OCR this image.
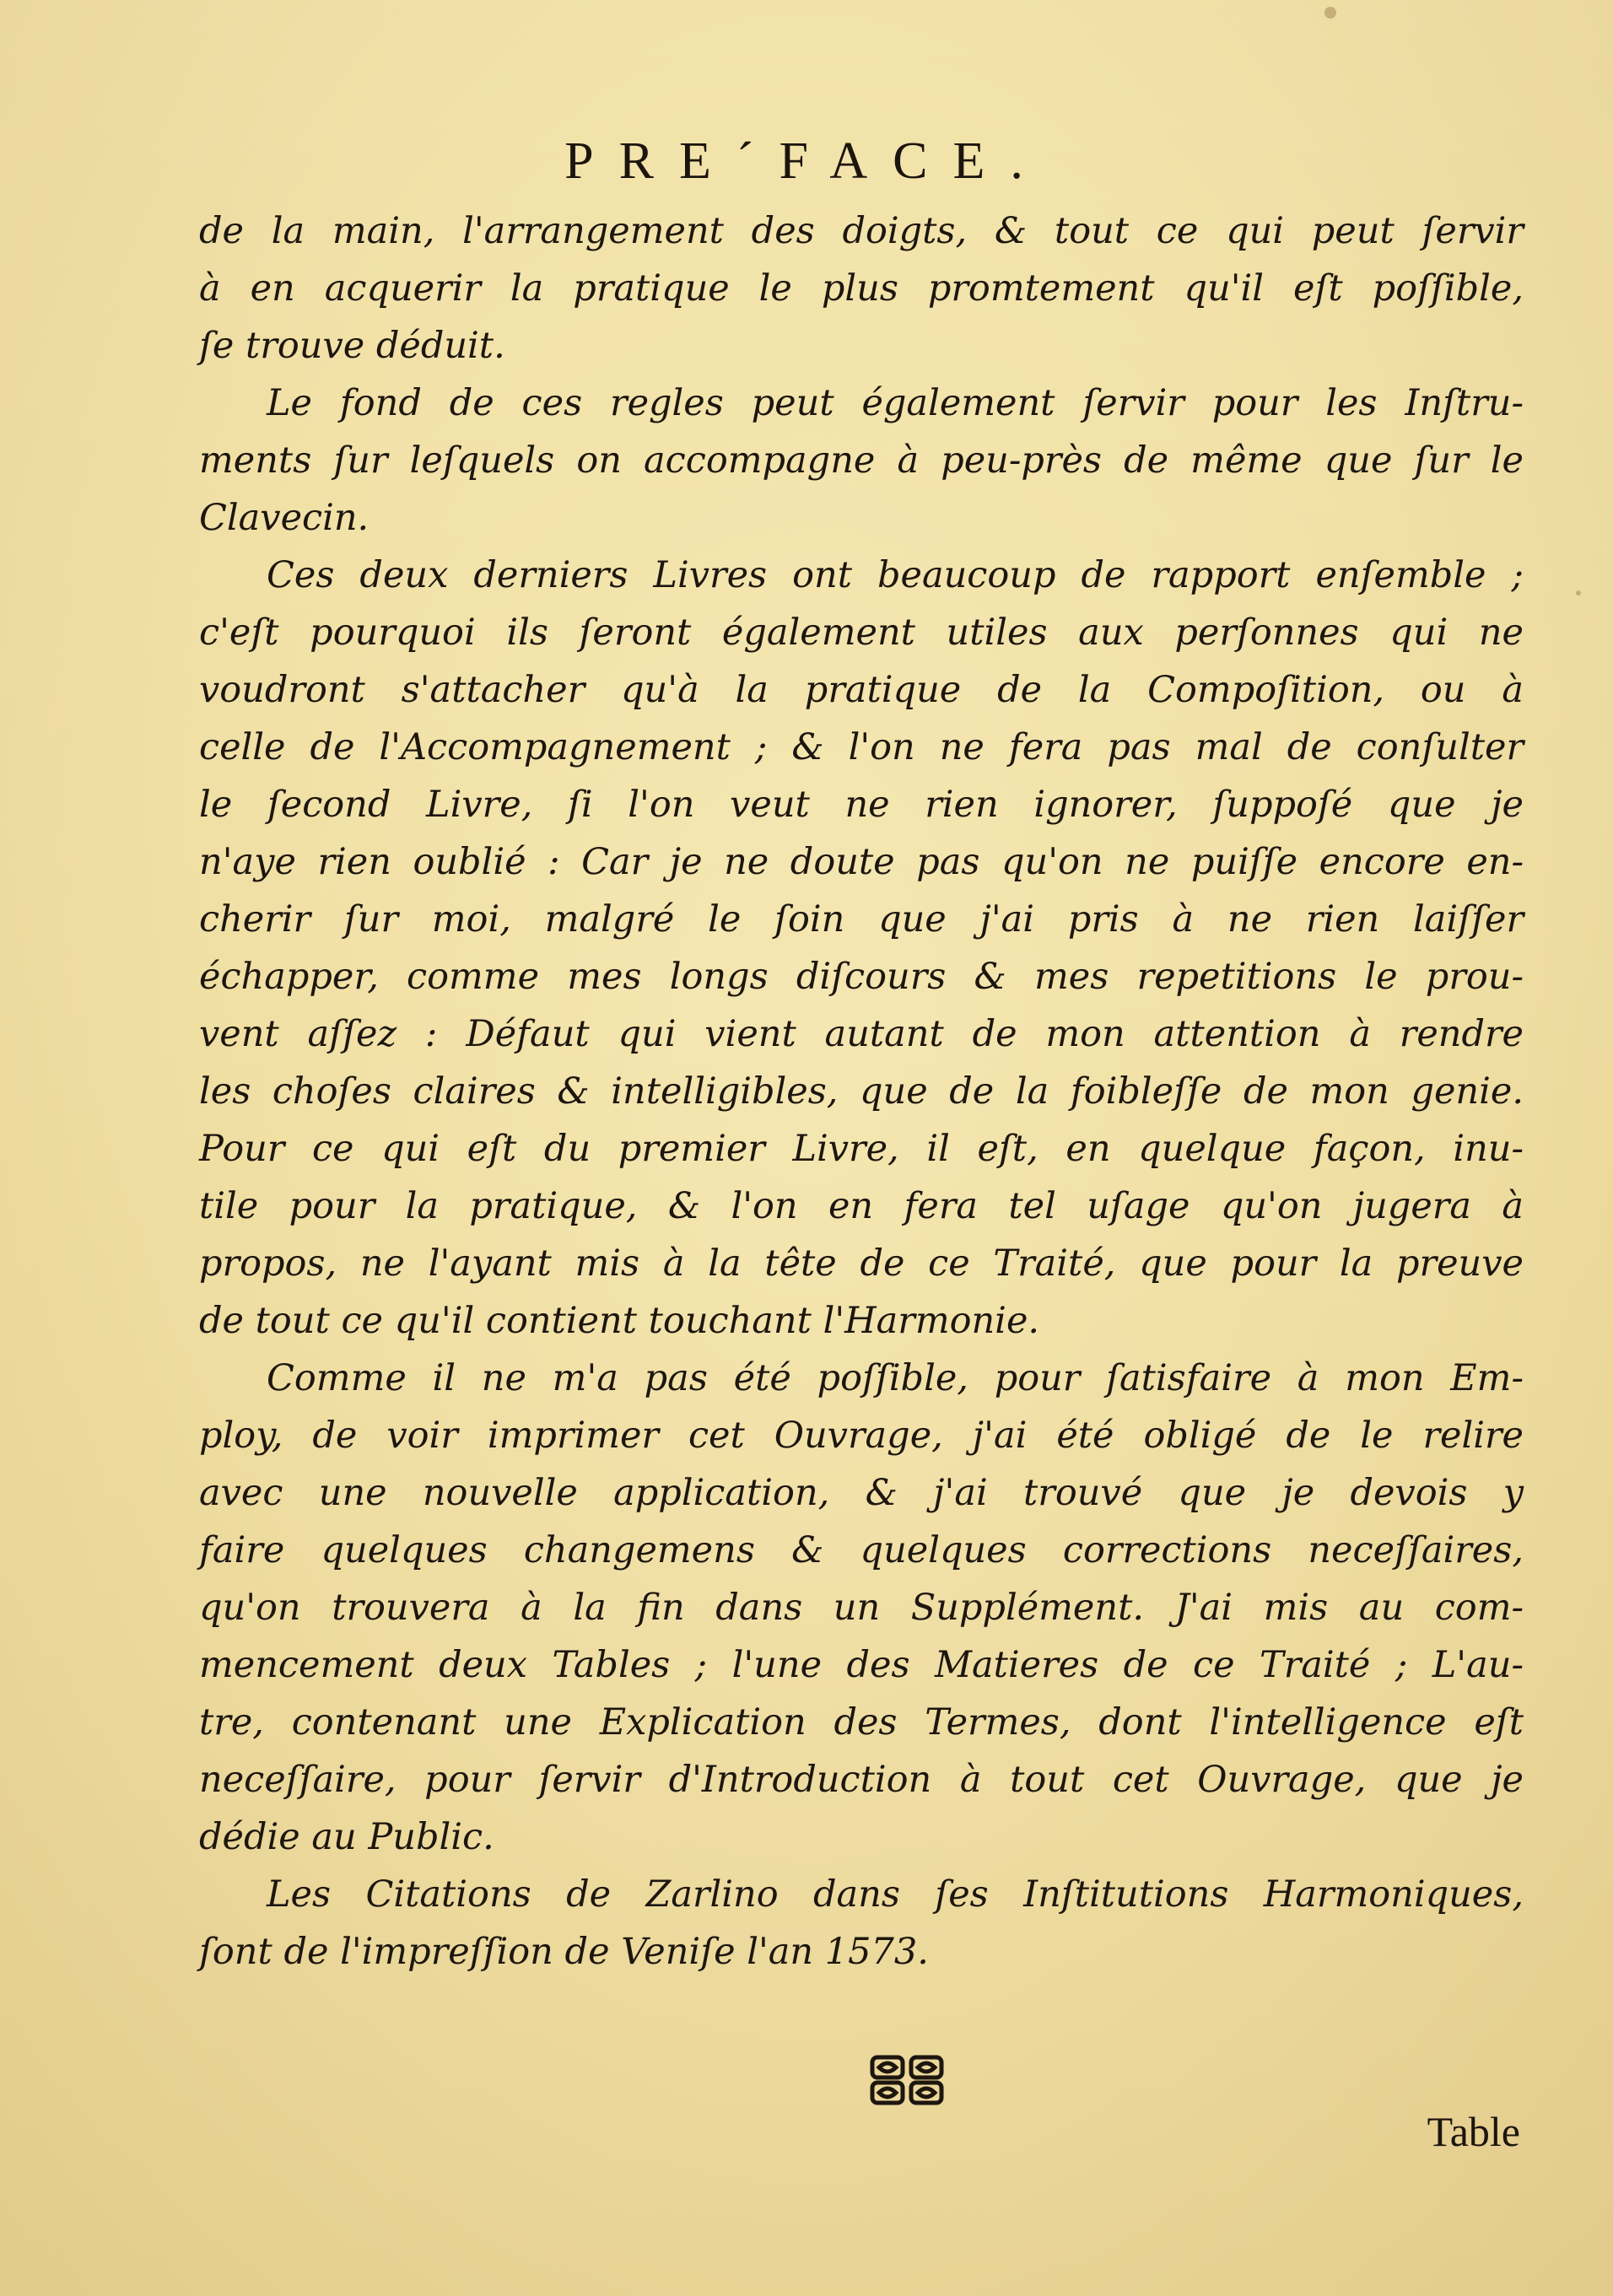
PRE´FACE.
de la main, l'arrangement des doigts, & tout ce qui peut ſervir
à en acquerir la pratique le plus promtement qu'il eſt poſſible,
ſe trouve déduit.
Le fond de ces regles peut également ſervir pour les Inſtru-
ments ſur leſquels on accompagne à peu-près de même que ſur le
Clavecin.
Ces deux derniers Livres ont beaucoup de rapport enſemble ;
c'eſt pourquoi ils ſeront également utiles aux perſonnes qui ne
voudront s'attacher qu'à la pratique de la Compoſition, ou à
celle de l'Accompagnement ; & l'on ne fera pas mal de conſulter
le ſecond Livre, ſi l'on veut ne rien ignorer, ſuppoſé que je
n'aye rien oublié : Car je ne doute pas qu'on ne puiſſe encore en-
cherir ſur moi, malgré le ſoin que j'ai pris à ne rien laiſſer
échapper, comme mes longs diſcours & mes repetitions le prou-
vent aſſez : Défaut qui vient autant de mon attention à rendre
les choſes claires & intelligibles, que de la foibleſſe de mon genie.
Pour ce qui eſt du premier Livre, il eſt, en quelque façon, inu-
tile pour la pratique, & l'on en fera tel uſage qu'on jugera à
propos, ne l'ayant mis à la tête de ce Traité, que pour la preuve
de tout ce qu'il contient touchant l'Harmonie.
Comme il ne m'a pas été poſſible, pour ſatisfaire à mon Em-
ploy, de voir imprimer cet Ouvrage, j'ai été obligé de le relire
avec une nouvelle application, & j'ai trouvé que je devois y
faire quelques changemens & quelques corrections neceſſaires,
qu'on trouvera à la fin dans un Supplément. J'ai mis au com-
mencement deux Tables ; l'une des Matieres de ce Traité ; L'au-
tre, contenant une Explication des Termes, dont l'intelligence eſt
neceſſaire, pour ſervir d'Introduction à tout cet Ouvrage, que je
dédie au Public.
Les Citations de Zarlino dans ſes Inſtitutions Harmoniques,
ſont de l'impreſſion de Veniſe l'an 1573.
Table
